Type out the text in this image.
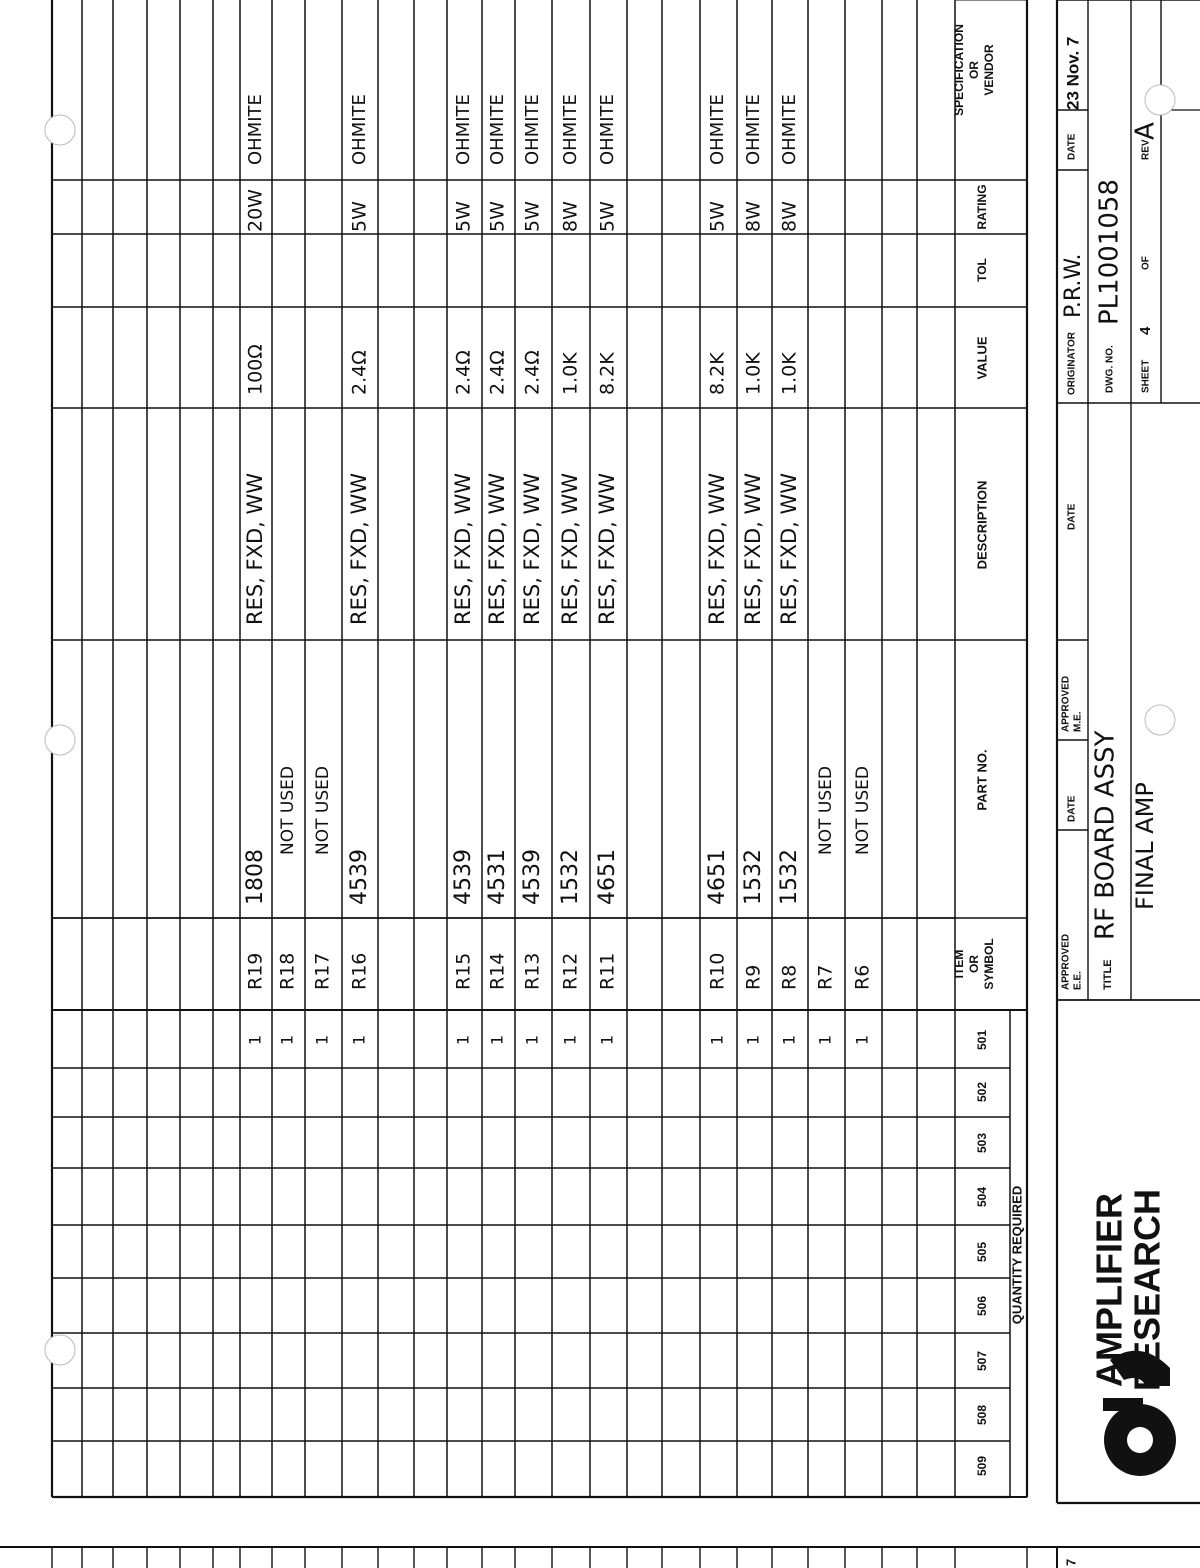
501
502
503
504
505
506
507
508
509
QUANTITY REQUIRED
ITEM OR SYMBOL
PART NO.
DESCRIPTION
VALUE
TOL
RATING
SPECIFICATION OR VENDOR
1
R19
1808
RES, FXD, WW
100Ω
20W
OHMITE
1
R18
NOT USED
1
R17
NOT USED
1
R16
4539
RES, FXD, WW
2.4Ω
5W
OHMITE
1
R15
4539
RES, FXD, WW
2.4Ω
5W
OHMITE
1
R14
4531
RES, FXD, WW
2.4Ω
5W
OHMITE
1
R13
4539
RES, FXD, WW
2.4Ω
5W
OHMITE
1
R12
1532
RES, FXD, WW
1.0K
8W
OHMITE
1
R11
4651
RES, FXD, WW
8.2K
5W
OHMITE
1
R10
4651
RES, FXD, WW
8.2K
5W
OHMITE
1
R9
1532
RES, FXD, WW
1.0K
8W
OHMITE
1
R8
1532
RES, FXD, WW
1.0K
8W
OHMITE
1
R7
NOT USED
1
R6
NOT USED
AMPLIFIER
RESEARCH
APPROVED E.E.
DATE
APPROVED M.E.
DATE
ORIGINATOR
P.R.W.
DATE
23 Nov. 7
TITLE
RF BOARD ASSY FINAL AMP
DWG. NO.
PL1001058
SHEET
4
OF
REV
A
7
